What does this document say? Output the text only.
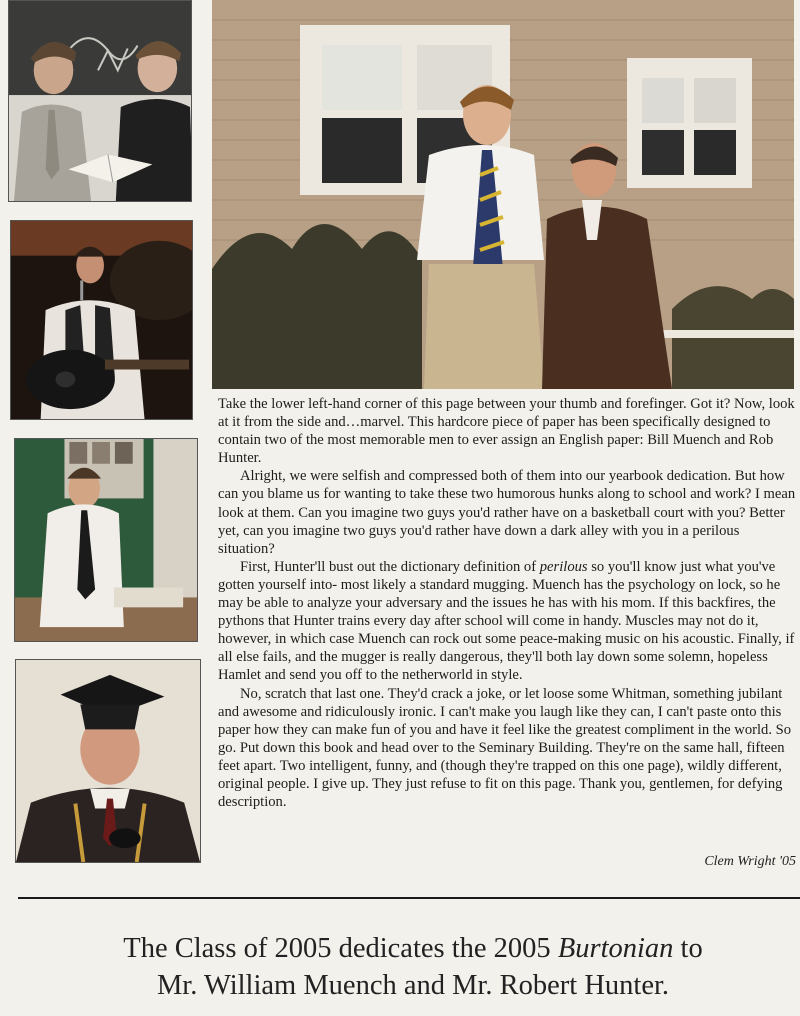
Take the lower left-hand corner of this page between your thumb and forefinger. Got it? Now, look at it from the side and…marvel. This hardcore piece of paper has been specifically designed to contain two of the most memorable men to ever assign an English paper: Bill Muench and Rob Hunter.

Alright, we were selfish and compressed both of them into our yearbook dedication. But how can you blame us for wanting to take these two humorous hunks along to school and work? I mean look at them. Can you imagine two guys you'd rather have on a basketball court with you? Better yet, can you imagine two guys you'd rather have down a dark alley with you in a perilous situation?

First, Hunter'll bust out the dictionary definition of perilous so you'll know just what you've gotten yourself into- most likely a standard mugging. Muench has the psychology on lock, so he may be able to analyze your adversary and the issues he has with his mom. If this backfires, the pythons that Hunter trains every day after school will come in handy. Muscles may not do it, however, in which case Muench can rock out some peace-making music on his acoustic. Finally, if all else fails, and the mugger is really dangerous, they'll both lay down some solemn, hopeless Hamlet and send you off to the netherworld in style.

No, scratch that last one. They'd crack a joke, or let loose some Whitman, something jubilant and awesome and ridiculously ironic. I can't make you laugh like they can, I can't paste onto this paper how they can make fun of you and have it feel like the greatest compliment in the world. So go. Put down this book and head over to the Seminary Building. They're on the same hall, fifteen feet apart. Two intelligent, funny, and (though they're trapped on this one page), wildly different, original people. I give up. They just refuse to fit on this page. Thank you, gentlemen, for defying description.

Clem Wright '05
The Class of 2005 dedicates the 2005 Burtonian to
Mr. William Muench and Mr. Robert Hunter.
